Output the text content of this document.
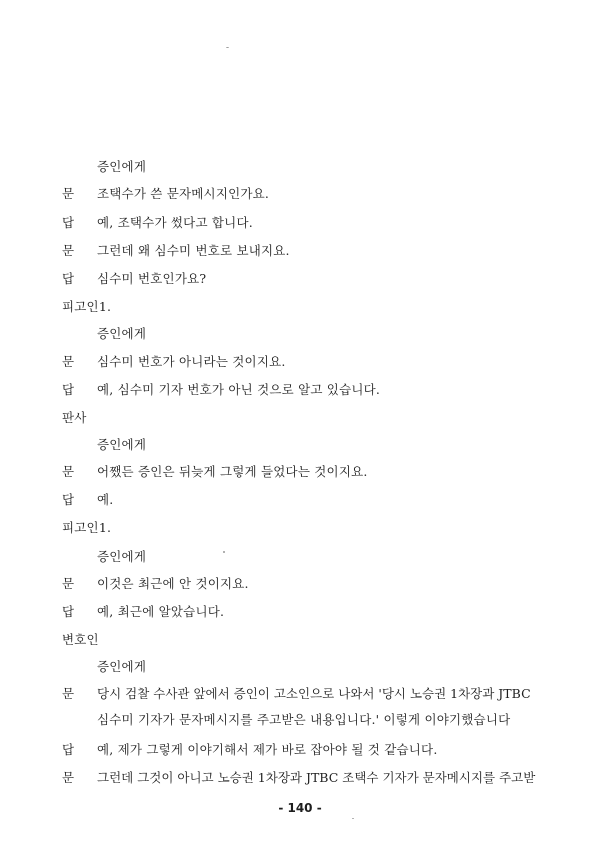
증인에게
문 조택수가 쓴 문자메시지인가요.
답 예, 조택수가 썼다고 합니다.
문 그런데 왜 심수미 번호로 보내지요.
답 심수미 번호인가요?
피고인1.
증인에게
문 심수미 번호가 아니라는 것이지요.
답 예, 심수미 기자 번호가 아닌 것으로 알고 있습니다.
판사
증인에게
문 어쨌든 증인은 뒤늦게 그렇게 들었다는 것이지요.
답 예.
피고인1.
증인에게
문 이것은 최근에 안 것이지요.
답 예, 최근에 알았습니다.
변호인
증인에게
문 당시 검찰 수사관 앞에서 증인이 고소인으로 나와서 '당시 노승권 1차장과 JTBC
심수미 기자가 문자메시지를 주고받은 내용입니다.' 이렇게 이야기했습니다
답 예, 제가 그렇게 이야기해서 제가 바로 잡아야 될 것 같습니다.
문 그런데 그것이 아니고 노승권 1차장과 JTBC 조택수 기자가 문자메시지를 주고받
- 140 -
